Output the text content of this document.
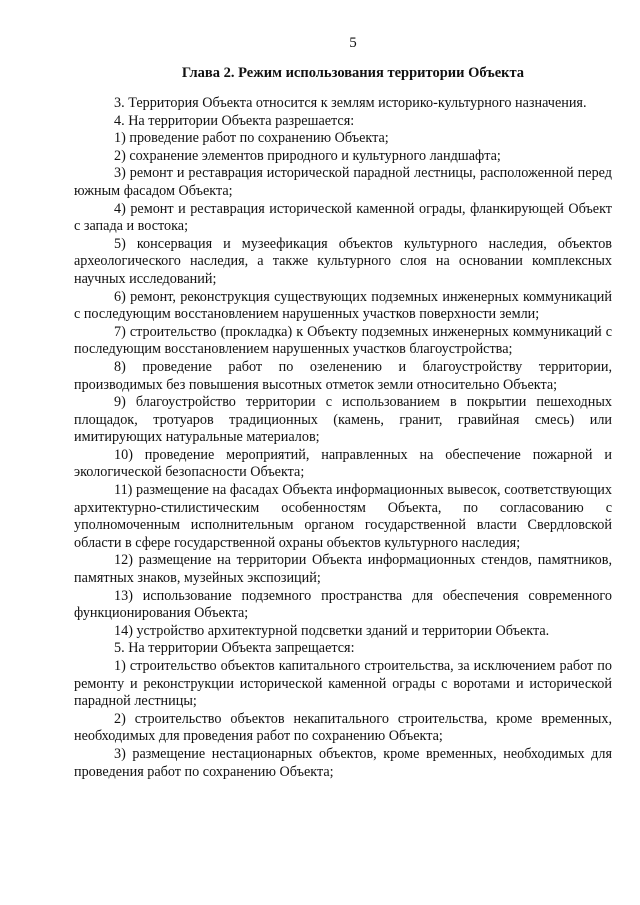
5
Глава 2. Режим использования территории Объекта

3. Территория Объекта относится к землям историко-культурного назначения.

4. На территории Объекта разрешается:

1) проведение работ по сохранению Объекта;

2) сохранение элементов природного и культурного ландшафта;

3) ремонт и реставрация исторической парадной лестницы, расположенной перед южным фасадом Объекта;

4) ремонт и реставрация исторической каменной ограды, фланкирующей Объект с запада и востока;

5) консервация и музеефикация объектов культурного наследия, объектов археологического наследия, а также культурного слоя на основании комплексных научных исследований;

6) ремонт, реконструкция существующих подземных инженерных коммуникаций с последующим восстановлением нарушенных участков поверхности земли;

7) строительство (прокладка) к Объекту подземных инженерных коммуникаций с последующим восстановлением нарушенных участков благоустройства;

8) проведение работ по озеленению и благоустройству территории, производимых без повышения высотных отметок земли относительно Объекта;

9) благоустройство территории с использованием в покрытии пешеходных площадок, тротуаров традиционных (камень, гранит, гравийная смесь) или имитирующих натуральные материалов;

10) проведение мероприятий, направленных на обеспечение пожарной и экологической безопасности Объекта;

11) размещение на фасадах Объекта информационных вывесок, соответствующих архитектурно-стилистическим особенностям Объекта, по согласованию с уполномоченным исполнительным органом государственной власти Свердловской области в сфере государственной охраны объектов культурного наследия;

12) размещение на территории Объекта информационных стендов, памятников, памятных знаков, музейных экспозиций;

13) использование подземного пространства для обеспечения современного функционирования Объекта;

14) устройство архитектурной подсветки зданий и территории Объекта.

5. На территории Объекта запрещается:

1) строительство объектов капитального строительства, за исключением работ по ремонту и реконструкции исторической каменной ограды с воротами и исторической парадной лестницы;

2) строительство объектов некапитального строительства, кроме временных, необходимых для проведения работ по сохранению Объекта;

3) размещение нестационарных объектов, кроме временных, необходимых для проведения работ по сохранению Объекта;
